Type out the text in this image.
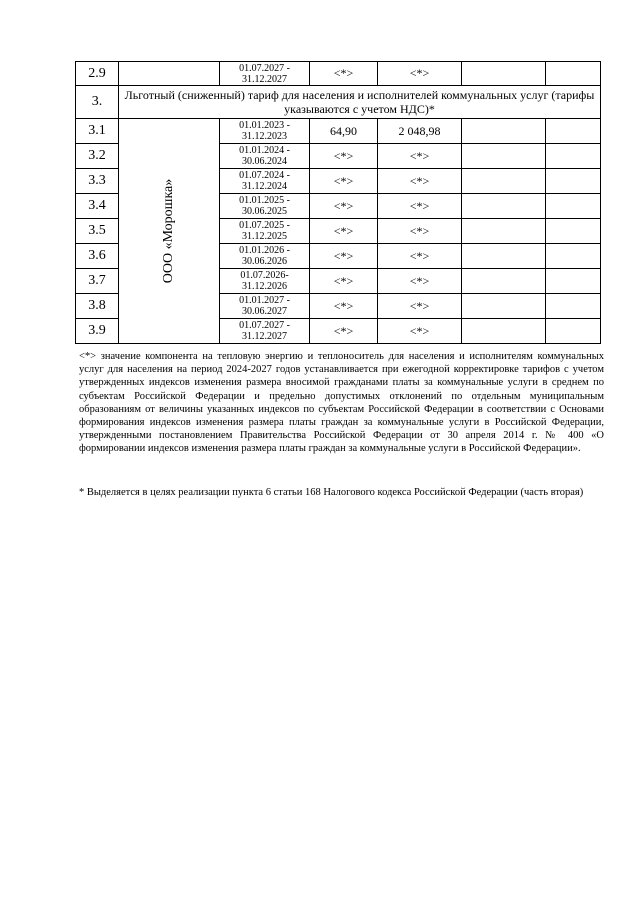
2.9		01.07.2027 -
31.12.2027	<*>	<*>		
3.	Льготный (сниженный) тариф для населения и исполнителей коммунальных услуг (тарифы указываются с учетом НДС)*					
3.1	ООО «Морошка»	01.01.2023 -
31.12.2023	64,90	2 048,98		
3.2		01.01.2024 -
30.06.2024	<*>	<*>		
3.3		01.07.2024 -
31.12.2024	<*>	<*>		
3.4		01.01.2025 -
30.06.2025	<*>	<*>		
3.5		01.07.2025 -
31.12.2025	<*>	<*>		
3.6		01.01.2026 -
30.06.2026	<*>	<*>		
3.7		01.07.2026-
31.12.2026	<*>	<*>		
3.8		01.01.2027 -
30.06.2027	<*>	<*>		
3.9		01.07.2027 -
31.12.2027	<*>	<*>		

<*> значение компонента на тепловую энергию и теплоноситель для населения и исполнителям коммунальных услуг для населения на период 2024-2027 годов устанавливается при ежегодной корректировке тарифов с учетом утвержденных индексов изменения размера вносимой гражданами платы за коммунальные услуги в среднем по субъектам Российской Федерации и предельно допустимых отклонений по отдельным муниципальным образованиям от величины указанных индексов по субъектам Российской Федерации в соответствии с Основами формирования индексов изменения размера платы граждан за коммунальные услуги в Российской Федерации, утвержденными постановлением Правительства Российской Федерации от 30 апреля 2014 г. № 400 «О формировании индексов изменения размера платы граждан за коммунальные услуги в Российской Федерации».

* Выделяется в целях реализации пункта 6 статьи 168 Налогового кодекса Российской Федерации (часть вторая)
